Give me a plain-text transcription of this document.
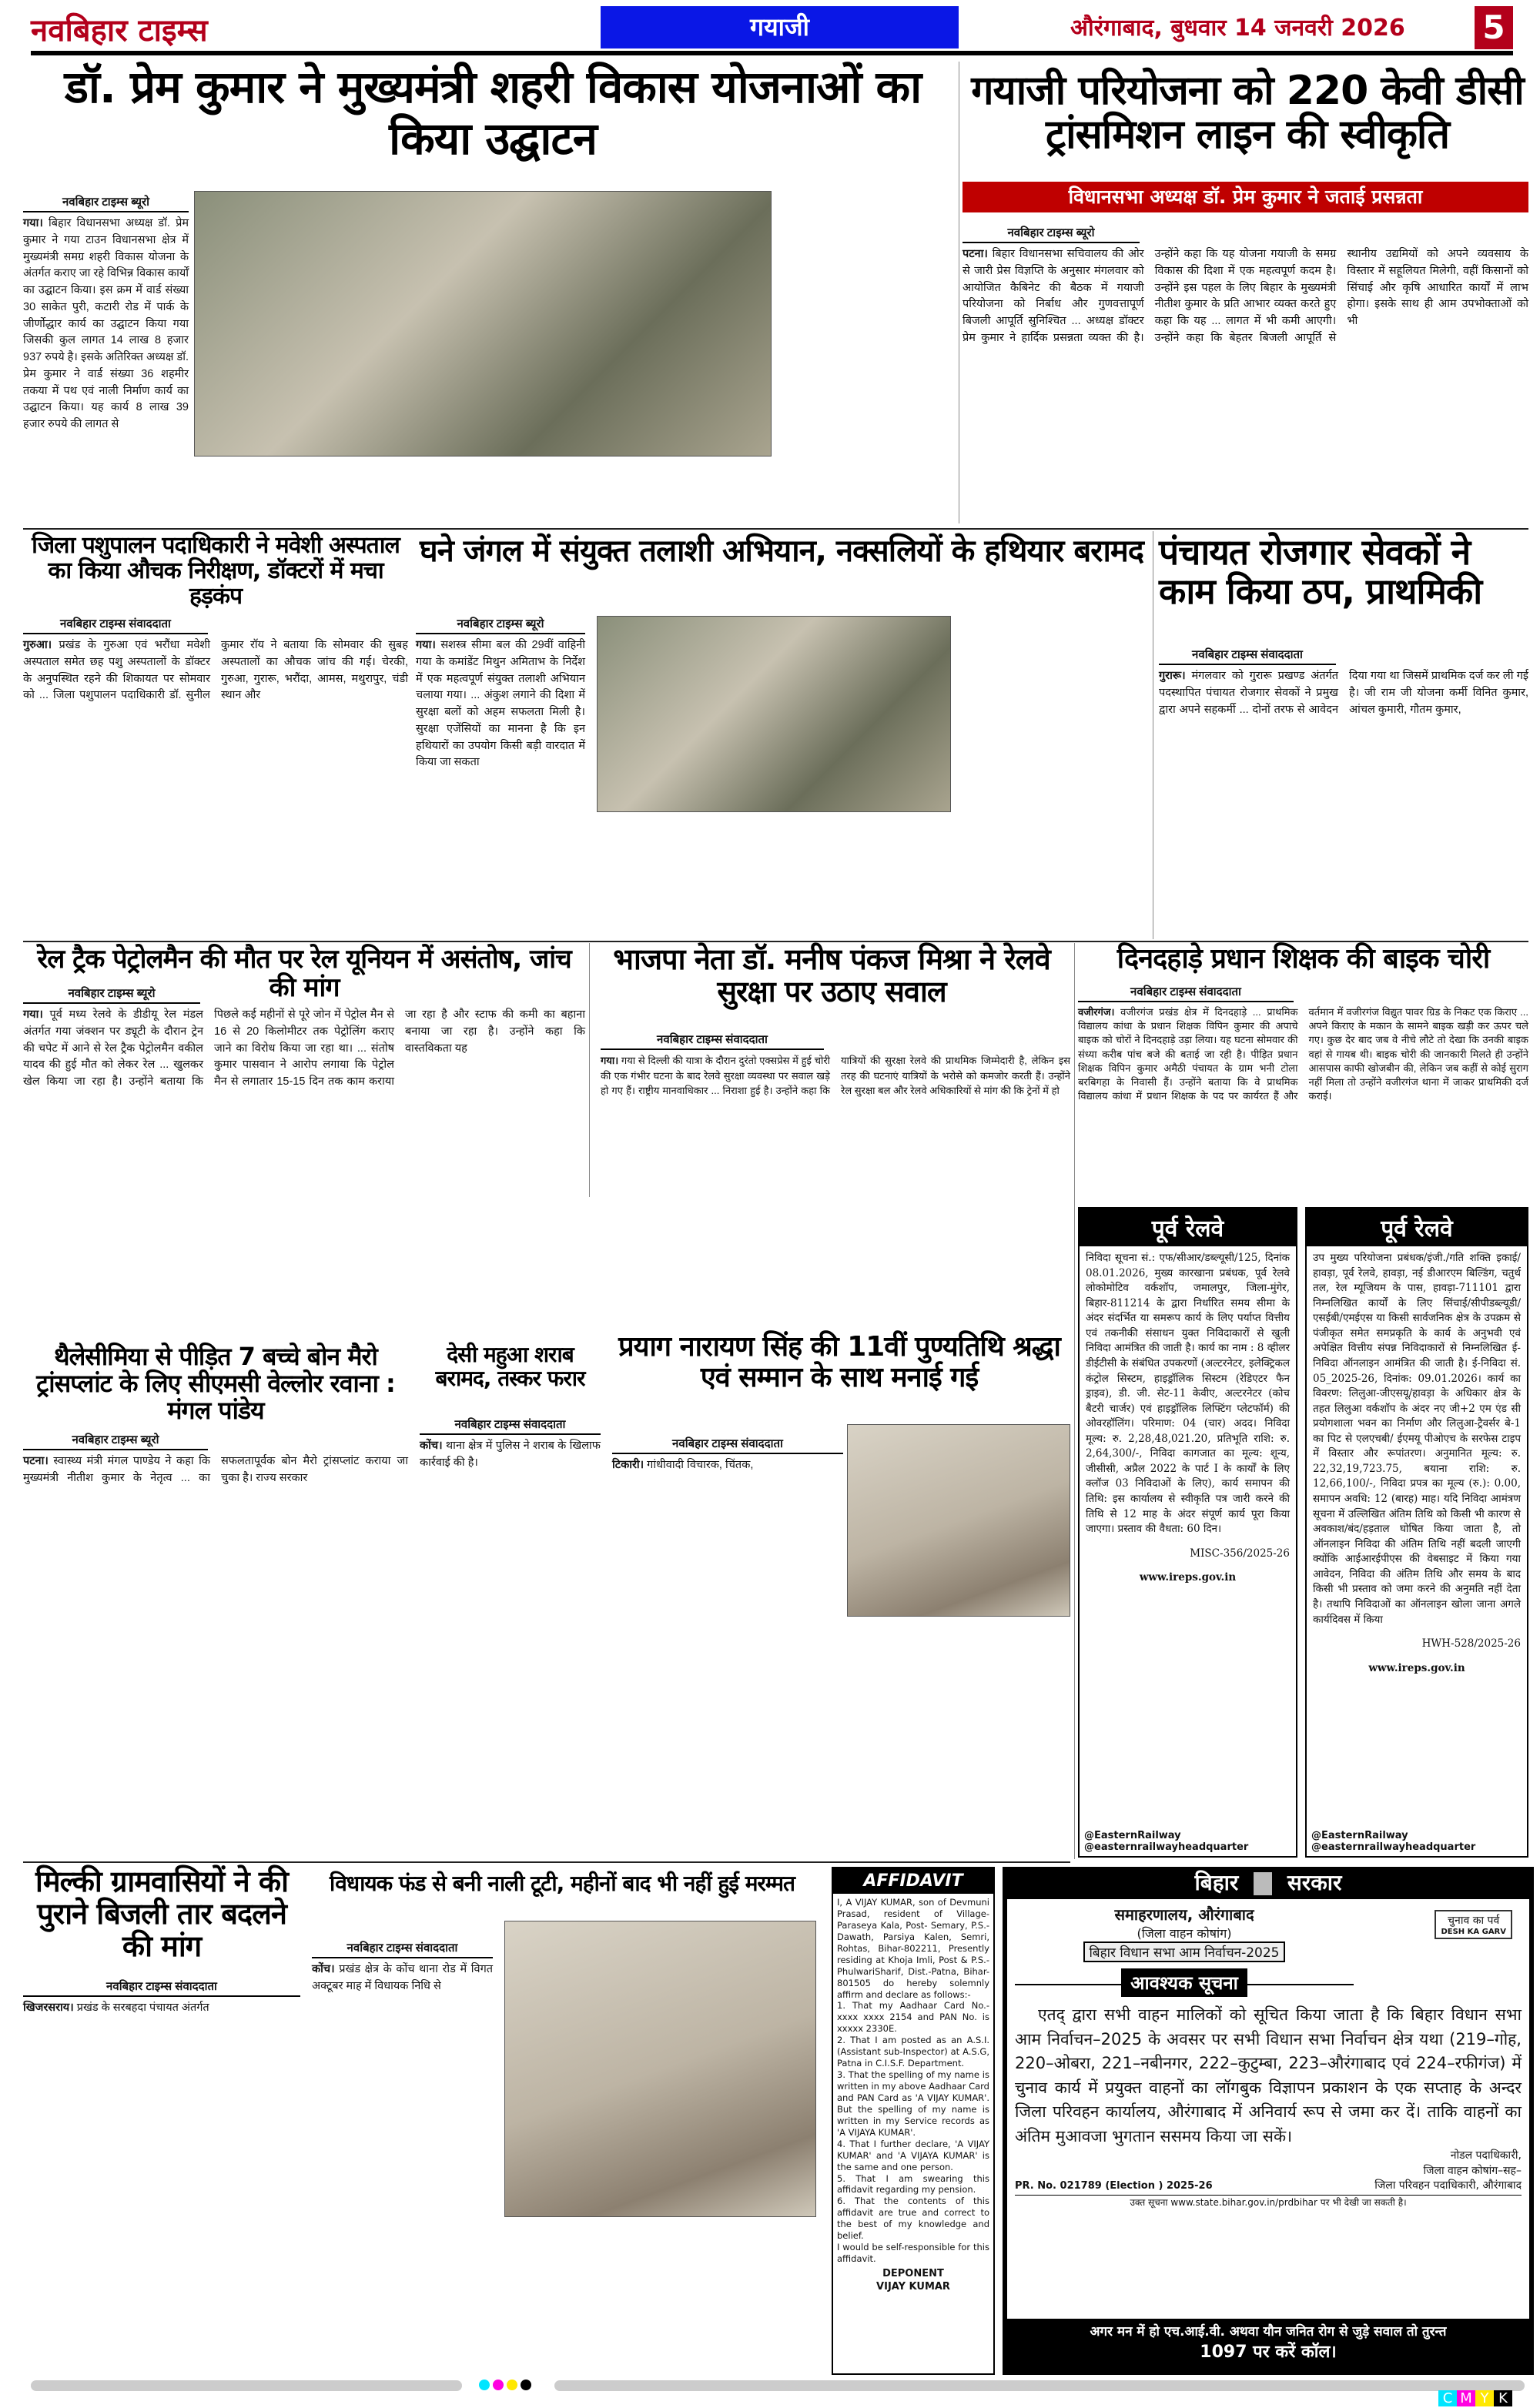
नवबिहार टाइम्स	गयाजी	औरंगाबाद, बुधवार 14 जनवरी 2026 5
डॉ. प्रेम कुमार ने मुख्यमंत्री शहरी विकास योजनाओं का किया उद्घाटन
नवबिहार टाइम्स ब्यूरो
गया। बिहार विधानसभा अध्यक्ष डॉ. प्रेम कुमार ने गया टाउन विधानसभा क्षेत्र में मुख्यमंत्री समग्र शहरी विकास योजना के अंतर्गत कराए जा रहे विभिन्न विकास कार्यों का उद्घाटन किया। इस क्रम में वार्ड संख्या 30 साकेत पुरी, कटारी रोड में पार्क के जीर्णोद्धार कार्य का उद्घाटन किया गया जिसकी कुल लागत 14 लाख 8 हजार 937 रुपये है। इसके अतिरिक्त अध्यक्ष डॉ. प्रेम कुमार ने वार्ड संख्या 36 शहमीर तकया में पथ एवं नाली निर्माण कार्य का उद्घाटन किया। यह कार्य 8 लाख 39 हजार रुपये की लागत से
गयाजी परियोजना को 220 केवी डीसी ट्रांसमिशन लाइन की स्वीकृति
विधानसभा अध्यक्ष डॉ. प्रेम कुमार ने जताई प्रसन्नता
नवबिहार टाइम्स ब्यूरो
पटना। बिहार विधानसभा सचिवालय की ओर से जारी प्रेस विज्ञप्ति के अनुसार मंगलवार को आयोजित कैबिनेट की बैठक में गयाजी परियोजना को निर्बाध और गुणवत्तापूर्ण बिजली आपूर्ति सुनिश्चित ... अध्यक्ष डॉक्टर प्रेम कुमार ने हार्दिक प्रसन्नता व्यक्त की है। उन्होंने कहा कि यह योजना गयाजी के समग्र विकास की दिशा में एक महत्वपूर्ण कदम है। उन्होंने इस पहल के लिए बिहार के मुख्यमंत्री नीतीश कुमार के प्रति आभार व्यक्त करते हुए कहा कि यह ... लागत में भी कमी आएगी। उन्होंने कहा कि बेहतर बिजली आपूर्ति से स्थानीय उद्यमियों को अपने व्यवसाय के विस्तार में सहूलियत मिलेगी, वहीं किसानों को सिंचाई और कृषि आधारित कार्यों में लाभ होगा। इसके साथ ही आम उपभोक्ताओं को भी
जिला पशुपालन पदाधिकारी ने मवेशी अस्पताल का किया औचक निरीक्षण, डॉक्टरों में मचा हड़कंप
नवबिहार टाइम्स संवाददाता
गुरुआ। प्रखंड के गुरुआ एवं भरौंधा मवेशी अस्पताल समेत छह पशु अस्पतालों के डॉक्टर के अनुपस्थित रहने की शिकायत पर सोमवार को ... जिला पशुपालन पदाधिकारी डॉ. सुनील कुमार रॉय ने बताया कि सोमवार की सुबह अस्पतालों का औचक जांच की गई। चेरकी, गुरुआ, गुरारू, भरौंदा, आमस, मथुरापुर, चंडी स्थान और
घने जंगल में संयुक्त तलाशी अभियान, नक्सलियों के हथियार बरामद
नवबिहार टाइम्स ब्यूरो
गया। सशस्त्र सीमा बल की 29वीं वाहिनी गया के कमांडेंट मिथुन अमिताभ के निर्देश में एक महत्वपूर्ण संयुक्त तलाशी अभियान चलाया गया। ... अंकुश लगाने की दिशा में सुरक्षा बलों को अहम सफलता मिली है। सुरक्षा एजेंसियों का मानना है कि इन हथियारों का उपयोग किसी बड़ी वारदात में किया जा सकता
पंचायत रोजगार सेवकों ने काम किया ठप, प्राथमिकी
नवबिहार टाइम्स संवाददाता
गुरारू। मंगलवार को गुरारू प्रखण्ड अंतर्गत पदस्थापित पंचायत रोजगार सेवकों ने प्रमुख द्वारा अपने सहकर्मी ... दोनों तरफ से आवेदन दिया गया था जिसमें प्राथमिक दर्ज कर ली गई है। जी राम जी योजना कर्मी विनित कुमार, आंचल कुमारी, गौतम कुमार,
रेल ट्रैक पेट्रोलमैन की मौत पर रेल यूनियन में असंतोष, जांच की मांग
नवबिहार टाइम्स ब्यूरो
गया। पूर्व मध्य रेलवे के डीडीयू रेल मंडल अंतर्गत गया जंक्शन पर ड्यूटी के दौरान ट्रेन की चपेट में आने से रेल ट्रैक पेट्रोलमैन वकील यादव की हुई मौत को लेकर रेल ... खुलकर खेल किया जा रहा है। उन्होंने बताया कि पिछले कई महीनों से पूरे जोन में पेट्रोल मैन से 16 से 20 किलोमीटर तक पेट्रोलिंग कराए जाने का विरोध किया जा रहा था। ... संतोष कुमार पासवान ने आरोप लगाया कि पेट्रोल मैन से लगातार 15-15 दिन तक काम कराया जा रहा है और स्टाफ की कमी का बहाना बनाया जा रहा है। उन्होंने कहा कि वास्तविकता यह
भाजपा नेता डॉ. मनीष पंकज मिश्रा ने रेलवे सुरक्षा पर उठाए सवाल
नवबिहार टाइम्स संवाददाता
गया। गया से दिल्ली की यात्रा के दौरान दुरंतो एक्सप्रेस में हुई चोरी की एक गंभीर घटना के बाद रेलवे सुरक्षा व्यवस्था पर सवाल खड़े हो गए हैं। राष्ट्रीय मानवाधिकार ... निराशा हुई है। उन्होंने कहा कि यात्रियों की सुरक्षा रेलवे की प्राथमिक जिम्मेदारी है, लेकिन इस तरह की घटनाएं यात्रियों के भरोसे को कमजोर करती हैं। उन्होंने रेल सुरक्षा बल और रेलवे अधिकारियों से मांग की कि ट्रेनों में हो
दिनदहाड़े प्रधान शिक्षक की बाइक चोरी
नवबिहार टाइम्स संवाददाता
वजीरगंज। वजीरगंज प्रखंड क्षेत्र में दिनदहाड़े ... प्राथमिक विद्यालय कांधा के प्रधान शिक्षक विपिन कुमार की अपाचे बाइक को चोरों ने दिनदहाड़े उड़ा लिया। यह घटना सोमवार की संध्या करीब पांच बजे की बताई जा रही है। पीड़ित प्रधान शिक्षक विपिन कुमार अमैठी पंचायत के ग्राम भनी टोला बरबिगहा के निवासी हैं। उन्होंने बताया कि वे प्राथमिक विद्यालय कांधा में प्रधान शिक्षक के पद पर कार्यरत हैं और वर्तमान में वजीरगंज विद्युत पावर ग्रिड के निकट एक किराए ... अपने किराए के मकान के सामने बाइक खड़ी कर ऊपर चले गए। कुछ देर बाद जब वे नीचे लौटे तो देखा कि उनकी बाइक वहां से गायब थी। बाइक चोरी की जानकारी मिलते ही उन्होंने आसपास काफी खोजबीन की, लेकिन जब कहीं से कोई सुराग नहीं मिला तो उन्होंने वजीरगंज थाना में जाकर प्राथमिकी दर्ज कराई।
पूर्व रेलवे
निविदा सूचना सं.: एफ/सीआर/डब्ल्यूसी/125, दिनांक 08.01.2026, मुख्य कारखाना प्रबंधक, पूर्व रेलवे लोकोमोटिव वर्कशॉप, जमालपुर, जिला-मुंगेर, बिहार-811214 के द्वारा निर्धारित समय सीमा के अंदर संदर्भित या समरूप कार्य के लिए पर्याप्त वित्तीय एवं तकनीकी संसाधन युक्त निविदाकारों से खुली निविदा आमंत्रित की जाती है। कार्य का नाम : 8 व्हीलर डीईटीसी के संबंधित उपकरणों (अल्टरनेटर, इलेक्ट्रिकल कंट्रोल सिस्टम, हाइड्रॉलिक सिस्टम (रेडिएटर फैन ड्राइव), डी. जी. सेट-11 केवीए, अल्टरनेटर (कोच बैटरी चार्जर) एवं हाइड्रॉलिक लिफ्टिंग प्लेटफॉर्म) की ओवरहॉलिंग। परिमाण: 04 (चार) अदद। निविदा मूल्य: रु. 2,28,48,021.20, प्रतिभूति राशि: रु. 2,64,300/-, निविदा कागजात का मूल्य: शून्य, जीसीसी, अप्रैल 2022 के पार्ट I के कार्यों के लिए क्लॉज 03 निविदाओं के लिए), कार्य समापन की तिथि: इस कार्यालय से स्वीकृति पत्र जारी करने की तिथि से 12 माह के अंदर संपूर्ण कार्य पूरा किया जाएगा। प्रस्ताव की वैधता: 60 दिन।
MISC-356/2025-26
www.ireps.gov.in
@EasternRailway
@easternrailwayheadquarter
पूर्व रेलवे
उप मुख्य परियोजना प्रबंधक/इंजी./गति शक्ति इकाई/हावड़ा, पूर्व रेलवे, हावड़ा, नई डीआरएम बिल्डिंग, चतुर्थ तल, रेल म्यूजियम के पास, हावड़ा-711101 द्वारा निम्नलिखित कार्यों के लिए सिंचाई/सीपीडब्ल्यूडी/एसईबी/एमईएस या किसी सार्वजनिक क्षेत्र के उपक्रम से पंजीकृत समेत समप्रकृति के कार्य के अनुभवी एवं अपेक्षित वित्तीय संपन्न निविदाकारों से निम्नलिखित ई-निविदा ऑनलाइन आमंत्रित की जाती है। ई-निविदा सं. 05_2025-26, दिनांक: 09.01.2026। कार्य का विवरण: लिलुआ-जीएसयू/हावड़ा के अधिकार क्षेत्र के तहत लिलुआ वर्कशॉप के अंदर नए जी+2 एम एंड सी प्रयोगशाला भवन का निर्माण और लिलुआ-ट्रैवर्सर बे-1 का पिट से एलएचबी/ ईएमयू पीओएच के सरफेस टाइप में विस्तार और रूपांतरण। अनुमानित मूल्य: रु. 22,32,19,723.75, बयाना राशि: रु. 12,66,100/-, निविदा प्रपत्र का मूल्य (रु.): 0.00, समापन अवधि: 12 (बारह) माह। यदि निविदा आमंत्रण सूचना में उल्लिखित अंतिम तिथि को किसी भी कारण से अवकाश/बंद/हड़ताल घोषित किया जाता है, तो ऑनलाइन निविदा की अंतिम तिथि नहीं बदली जाएगी क्योंकि आईआरईपीएस की वेबसाइट में किया गया आवेदन, निविदा की अंतिम तिथि और समय के बाद किसी भी प्रस्ताव को जमा करने की अनुमति नहीं देता है। तथापि निविदाओं का ऑनलाइन खोला जाना अगले कार्यदिवस में किया
HWH-528/2025-26
www.ireps.gov.in
@EasternRailway
@easternrailwayheadquarter
थैलेसीमिया से पीड़ित 7 बच्चे बोन मैरो ट्रांसप्लांट के लिए सीएमसी वेल्लोर रवाना : मंगल पांडेय
नवबिहार टाइम्स ब्यूरो
पटना। स्वास्थ्य मंत्री मंगल पाण्डेय ने कहा कि मुख्यमंत्री नीतीश कुमार के नेतृत्व ... का सफलतापूर्वक बोन मैरो ट्रांसप्लांट कराया जा चुका है। राज्य सरकार
देसी महुआ शराब बरामद, तस्कर फरार
नवबिहार टाइम्स संवाददाता
कोंच। थाना क्षेत्र में पुलिस ने शराब के खिलाफ कार्रवाई की है।
प्रयाग नारायण सिंह की 11वीं पुण्यतिथि श्रद्धा एवं सम्मान के साथ मनाई गई
नवबिहार टाइम्स संवाददाता
टिकारी। गांधीवादी विचारक, चिंतक,
मिल्की ग्रामवासियों ने की पुराने बिजली तार बदलने की मांग
नवबिहार टाइम्स संवाददाता
खिजरसराय। प्रखंड के सरबहदा पंचायत अंतर्गत
विधायक फंड से बनी नाली टूटी, महीनों बाद भी नहीं हुई मरम्मत
नवबिहार टाइम्स संवाददाता
कोंच। प्रखंड क्षेत्र के कोंच थाना रोड में विगत अक्टूबर माह में विधायक निधि से
AFFIDAVIT
I, A VIJAY KUMAR, son of Devmuni Prasad, resident of Village-Paraseya Kala, Post- Semary, P.S.- Dawath, Parsiya Kalen, Semri, Rohtas, Bihar-802211, Presently residing at Khoja Imli, Post & P.S.-PhulwariSharif, Dist.-Patna, Bihar-801505 do hereby solemnly affirm and declare as follows:-
1. That my Aadhaar Card No.- xxxx xxxx 2154 and PAN No. is xxxxx 2330E.
2. That I am posted as an A.S.I. (Assistant sub-Inspector) at A.S.G, Patna in C.I.S.F. Department.
3. That the spelling of my name is written in my above Aadhaar Card and PAN Card as 'A VIJAY KUMAR'. But the spelling of my name is written in my Service records as 'A VIJAYA KUMAR'.
4. That I further declare, 'A VIJAY KUMAR' and 'A VIJAYA KUMAR' is the same and one person.
5. That I am swearing this affidavit regarding my pension.
6. That the contents of this affidavit are true and correct to the best of my knowledge and belief.
I would be self-responsible for this affidavit.
DEPONENT
VIJAY KUMAR
बिहार सरकार
चुनाव का पर्व
DESH KA GARV
समाहरणालय, औरंगाबाद
(जिला वाहन कोषांग)
बिहार विधान सभा आम निर्वाचन-2025
आवश्यक सूचना
एतद् द्वारा सभी वाहन मालिकों को सूचित किया जाता है कि बिहार विधान सभा आम निर्वाचन–2025 के अवसर पर सभी विधान सभा निर्वाचन क्षेत्र यथा (219–गोह, 220–ओबरा, 221–नबीनगर, 222–कुटुम्बा, 223–औरंगाबाद एवं 224–रफीगंज) में चुनाव कार्य में प्रयुक्त वाहनों का लॉगबुक विज्ञापन प्रकाशन के एक सप्ताह के अन्दर जिला परिवहन कार्यालय, औरंगाबाद में अनिवार्य रूप से जमा कर दें। ताकि वाहनों का अंतिम मुआवजा भुगतान ससमय किया जा सकें।
नोडल पदाधिकारी,
जिला वाहन कोषांग–सह–
जिला परिवहन पदाधिकारी, औरंगाबाद
PR. No. 021789 (Election ) 2025-26
उक्त सूचना www.state.bihar.gov.in/prdbihar पर भी देखी जा सकती है।
अगर मन में हो एच.आई.वी. अथवा यौन जनित रोग से जुड़े सवाल तो तुरन्त
1097 पर करें कॉल।
C M Y K
